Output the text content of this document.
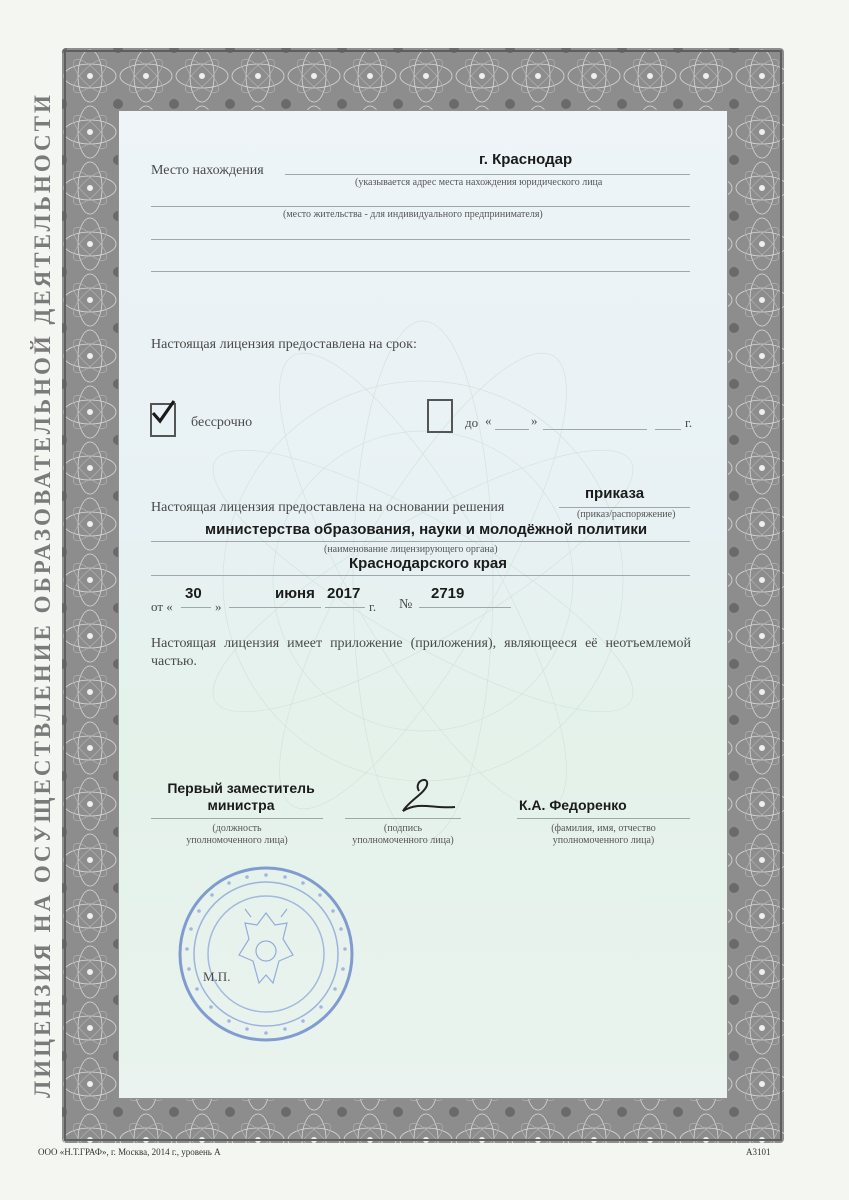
ЛИЦЕНЗИЯ НА ОСУЩЕСТВЛЕНИЕ ОБРАЗОВАТЕЛЬНОЙ ДЕЯТЕЛЬНОСТИ	Место нахождения
г. Краснодар
(указывается адрес места нахождения юридического лица
(место жительства - для индивидуального предпринимателя)
Настоящая лицензия предоставлена на срок:
бессрочно	до «	»	г.
Настоящая лицензия предоставлена на основании решения
приказа
(приказ/распоряжение)
министерства образования, науки и молодёжной политики
(наименование лицензирующего органа)
Краснодарского края
от «
30
»
июня 2017
г. №
2719
Настоящая лицензия имеет приложение (приложения), являющееся её неотъемлемой частью.
Первый заместитель министра
(должность
уполномоченного лица)
(подпись
уполномоченного лица)
К.А. Федоренко
(фамилия, имя, отчество
уполномоченного лица)
М.П.
ООО «Н.Т.ГРАФ», г. Москва, 2014 г., уровень А	А3101
